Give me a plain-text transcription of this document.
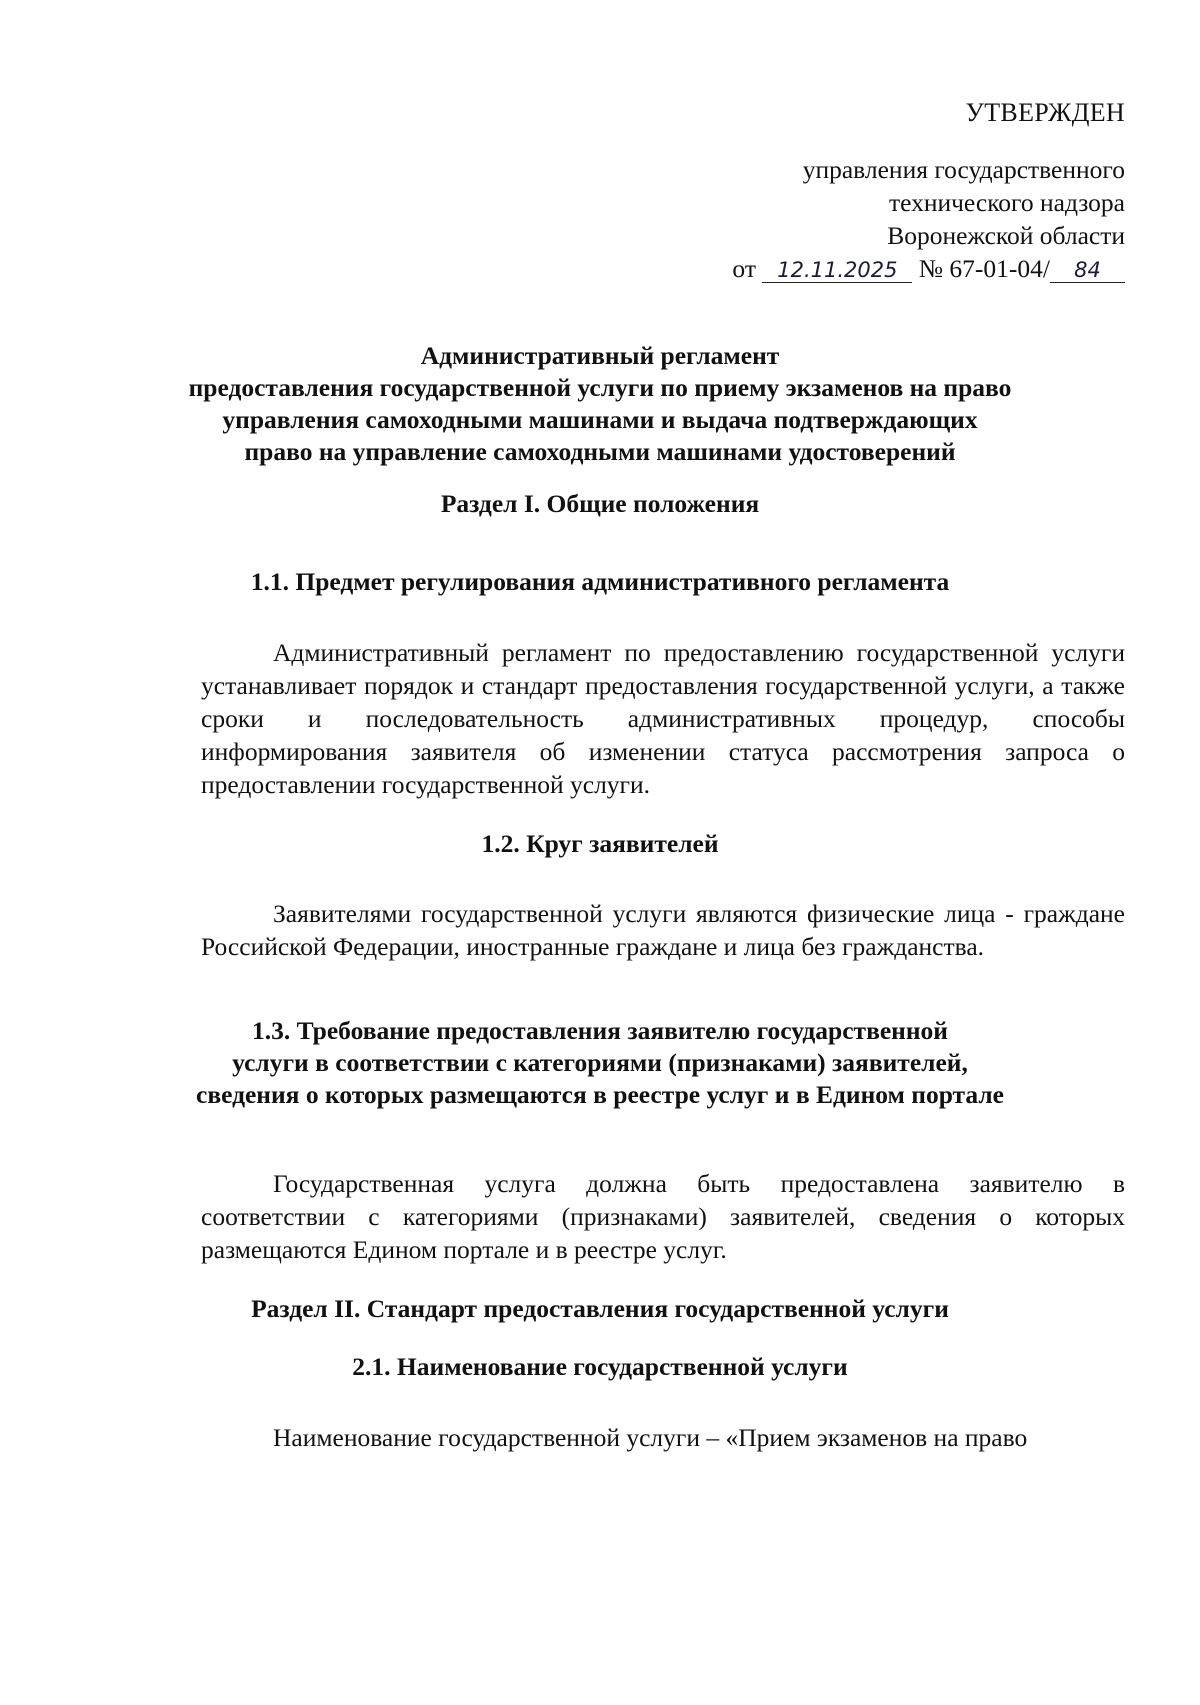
УТВЕРЖДЕН
управления государственного
технического надзора
Воронежской области
от 12.11.2025 № 67-01-04/ 84
Административный регламент
предоставления государственной услуги по приему экзаменов на право
управления самоходными машинами и выдача подтверждающих
право на управление самоходными машинами удостоверений
Раздел I. Общие положения
1.1. Предмет регулирования административного регламента
Административный регламент по предоставлению государственной услуги устанавливает порядок и стандарт предоставления государственной услуги, а также сроки и последовательность административных процедур, способы информирования заявителя об изменении статуса рассмотрения запроса о предоставлении государственной услуги.
1.2. Круг заявителей
Заявителями государственной услуги являются физические лица - граждане Российской Федерации, иностранные граждане и лица без гражданства.
1.3. Требование предоставления заявителю государственной
услуги в соответствии с категориями (признаками) заявителей,
сведения о которых размещаются в реестре услуг и в Едином портале
Государственная услуга должна быть предоставлена заявителю в соответствии с категориями (признаками) заявителей, сведения о которых размещаются Едином портале и в реестре услуг.
Раздел II. Стандарт предоставления государственной услуги
2.1. Наименование государственной услуги
Наименование государственной услуги – «Прием экзаменов на право
